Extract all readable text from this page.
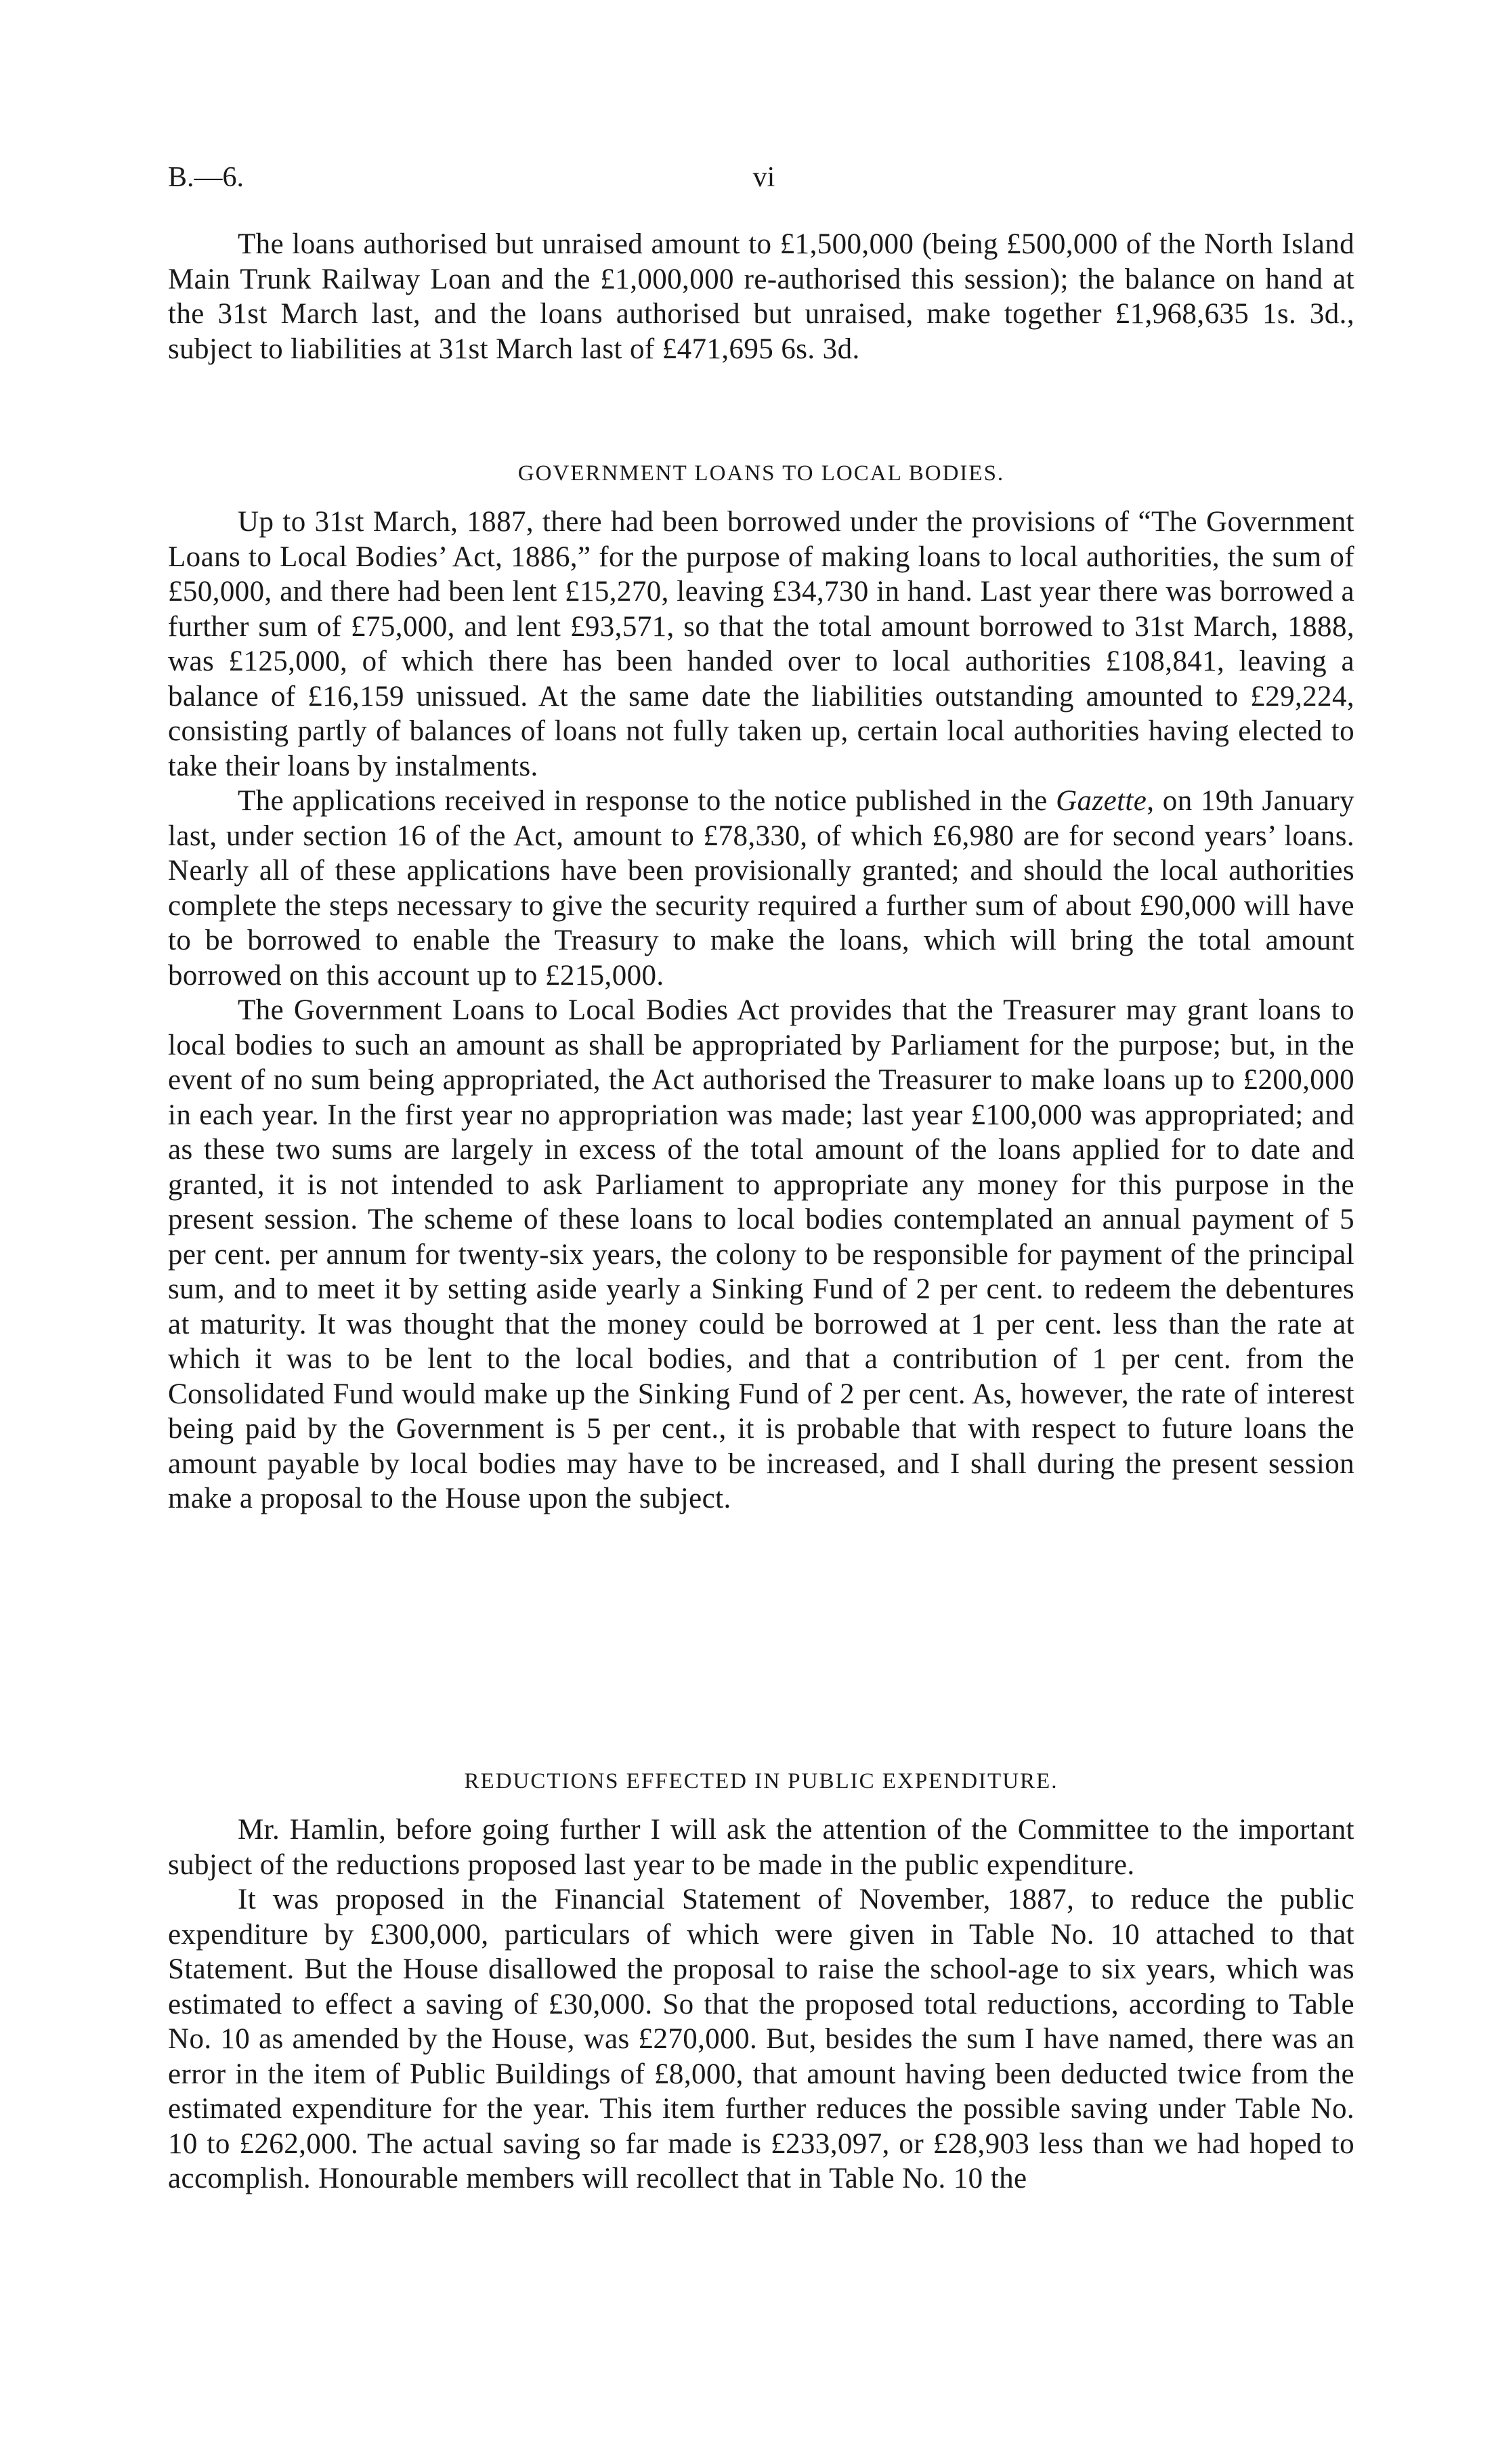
B.—6.	vi

The loans authorised but unraised amount to £1,500,000 (being £500,000 of the North Island Main Trunk Railway Loan and the £1,000,000 re-authorised this session); the balance on hand at the 31st March last, and the loans authorised but unraised, make together £1,968,635 1s. 3d., subject to liabilities at 31st March last of £471,695 6s. 3d.

GOVERNMENT LOANS TO LOCAL BODIES.

Up to 31st March, 1887, there had been borrowed under the provisions of “The Government Loans to Local Bodies’ Act, 1886,” for the purpose of making loans to local authorities, the sum of £50,000, and there had been lent £15,270, leaving £34,730 in hand. Last year there was borrowed a further sum of £75,000, and lent £93,571, so that the total amount borrowed to 31st March, 1888, was £125,000, of which there has been handed over to local authorities £108,841, leaving a balance of £16,159 unissued. At the same date the liabilities outstanding amounted to £29,224, consisting partly of balances of loans not fully taken up, certain local authorities having elected to take their loans by instalments.

The applications received in response to the notice published in the Gazette, on 19th January last, under section 16 of the Act, amount to £78,330, of which £6,980 are for second years’ loans. Nearly all of these applications have been provisionally granted; and should the local authorities complete the steps necessary to give the security required a further sum of about £90,000 will have to be borrowed to enable the Treasury to make the loans, which will bring the total amount borrowed on this account up to £215,000.

The Government Loans to Local Bodies Act provides that the Treasurer may grant loans to local bodies to such an amount as shall be appropriated by Parliament for the purpose; but, in the event of no sum being appropriated, the Act authorised the Treasurer to make loans up to £200,000 in each year. In the first year no appropriation was made; last year £100,000 was appropriated; and as these two sums are largely in excess of the total amount of the loans applied for to date and granted, it is not intended to ask Parliament to appropriate any money for this purpose in the present session. The scheme of these loans to local bodies contemplated an annual payment of 5 per cent. per annum for twenty-six years, the colony to be responsible for payment of the principal sum, and to meet it by setting aside yearly a Sinking Fund of 2 per cent. to redeem the debentures at maturity. It was thought that the money could be borrowed at 1 per cent. less than the rate at which it was to be lent to the local bodies, and that a contribution of 1 per cent. from the Consolidated Fund would make up the Sinking Fund of 2 per cent. As, however, the rate of interest being paid by the Government is 5 per cent., it is probable that with respect to future loans the amount payable by local bodies may have to be increased, and I shall during the present session make a proposal to the House upon the subject.

REDUCTIONS EFFECTED IN PUBLIC EXPENDITURE.

Mr. Hamlin, before going further I will ask the attention of the Committee to the important subject of the reductions proposed last year to be made in the public expenditure.

It was proposed in the Financial Statement of November, 1887, to reduce the public expenditure by £300,000, particulars of which were given in Table No. 10 attached to that Statement. But the House disallowed the proposal to raise the school-age to six years, which was estimated to effect a saving of £30,000. So that the proposed total reductions, according to Table No. 10 as amended by the House, was £270,000. But, besides the sum I have named, there was an error in the item of Public Buildings of £8,000, that amount having been deducted twice from the estimated expenditure for the year. This item further reduces the possible saving under Table No. 10 to £262,000. The actual saving so far made is £233,097, or £28,903 less than we had hoped to accomplish. Honourable members will recollect that in Table No. 10 the
